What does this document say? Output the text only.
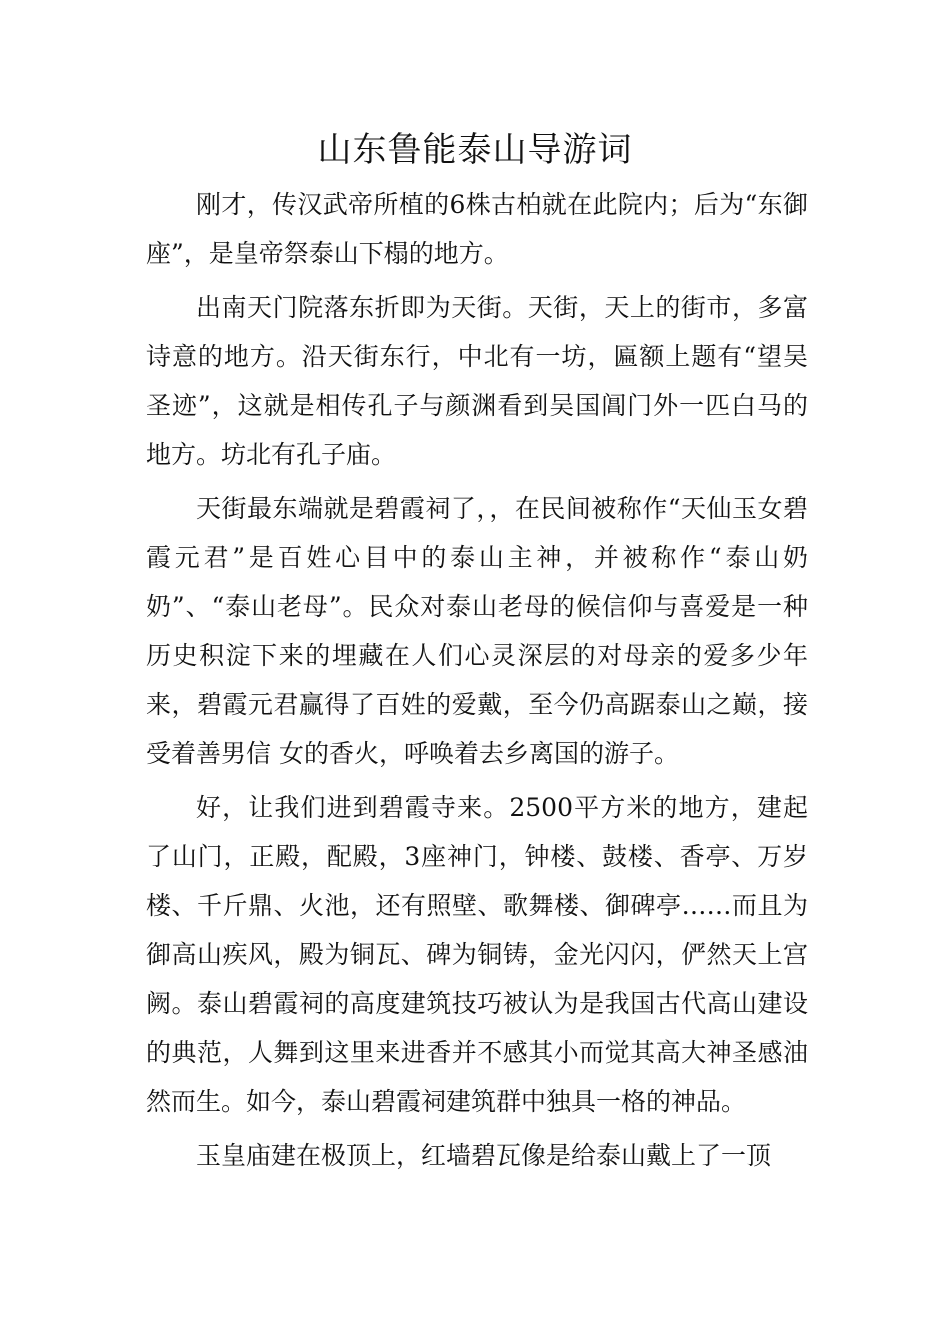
山东鲁能泰山导游词

刚才，传汉武帝所植的6株古柏就在此院内；后为“东御座”，是皇帝祭泰山下榻的地方。

出南天门院落东折即为天街。天街，天上的街市，多富诗意的地方。沿天街东行，中北有一坊，匾额上题有“望吴圣迹”，这就是相传孔子与颜渊看到吴国阊门外一匹白马的地方。坊北有孔子庙。

天街最东端就是碧霞祠了，，在民间被称作“天仙玉女碧霞元君”是百姓心目中的泰山主神，并被称作“泰山奶奶”、“泰山老母”。民众对泰山老母的候信仰与喜爱是一种历史积淀下来的埋藏在人们心灵深层的对母亲的爱多少年来，碧霞元君赢得了百姓的爱戴，至今仍高踞泰山之巅，接受着善男信 女的香火，呼唤着去乡离国的游子。

好，让我们进到碧霞寺来。2500平方米的地方，建起了山门，正殿，配殿，3座神门，钟楼、鼓楼、香亭、万岁楼、千斤鼎、火池，还有照壁、歌舞楼、御碑亭……而且为御高山疾风，殿为铜瓦、碑为铜铸，金光闪闪，俨然天上宫阙。泰山碧霞祠的高度建筑技巧被认为是我国古代高山建设的典范，人舞到这里来进香并不感其小而觉其高大神圣感油然而生。如今，泰山碧霞祠建筑群中独具一格的神品。

玉皇庙建在极顶上，红墙碧瓦像是给泰山戴上了一顶
